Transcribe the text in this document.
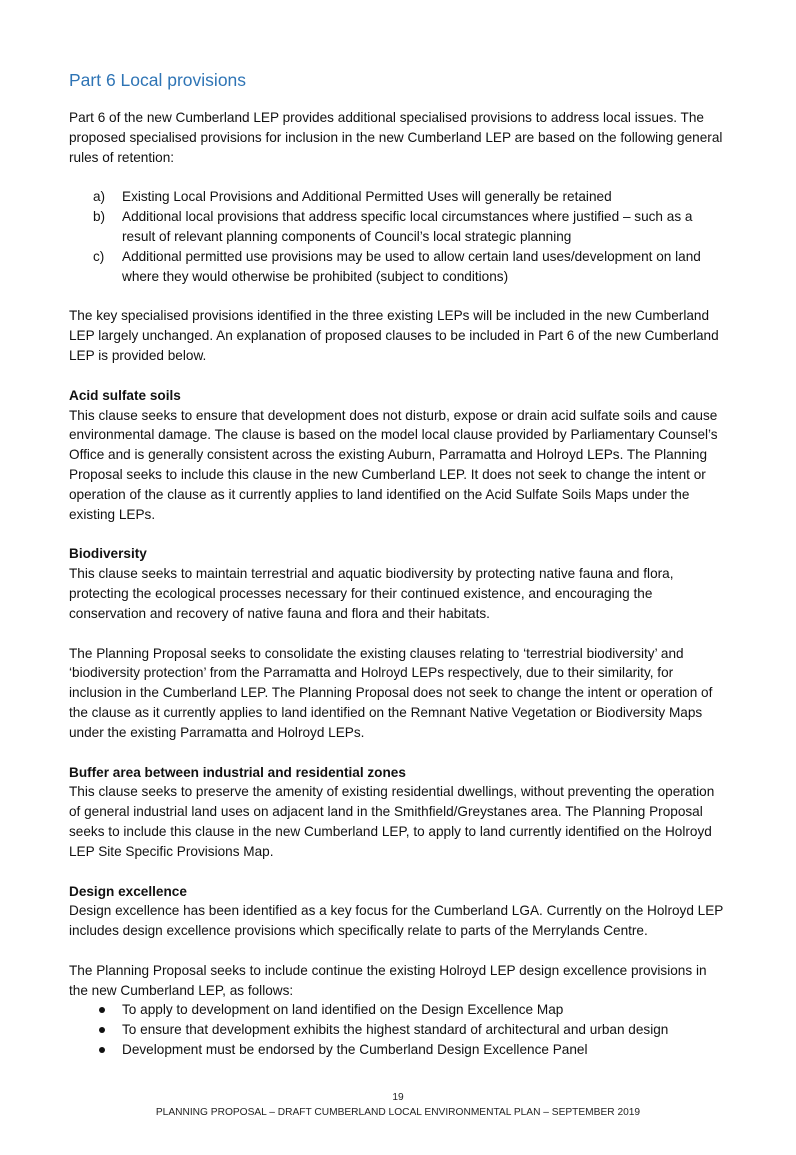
Part 6 Local provisions

Part 6 of the new Cumberland LEP provides additional specialised provisions to address local issues. The proposed specialised provisions for inclusion in the new Cumberland LEP are based on the following general rules of retention:

a) Existing Local Provisions and Additional Permitted Uses will generally be retained
b) Additional local provisions that address specific local circumstances where justified – such as a result of relevant planning components of Council’s local strategic planning
c) Additional permitted use provisions may be used to allow certain land uses/development on land where they would otherwise be prohibited (subject to conditions)

The key specialised provisions identified in the three existing LEPs will be included in the new Cumberland LEP largely unchanged. An explanation of proposed clauses to be included in Part 6 of the new Cumberland LEP is provided below.

Acid sulfate soils

This clause seeks to ensure that development does not disturb, expose or drain acid sulfate soils and cause environmental damage. The clause is based on the model local clause provided by Parliamentary Counsel’s Office and is generally consistent across the existing Auburn, Parramatta and Holroyd LEPs. The Planning Proposal seeks to include this clause in the new Cumberland LEP. It does not seek to change the intent or operation of the clause as it currently applies to land identified on the Acid Sulfate Soils Maps under the existing LEPs.

Biodiversity

This clause seeks to maintain terrestrial and aquatic biodiversity by protecting native fauna and flora, protecting the ecological processes necessary for their continued existence, and encouraging the conservation and recovery of native fauna and flora and their habitats.

The Planning Proposal seeks to consolidate the existing clauses relating to ‘terrestrial biodiversity’ and ‘biodiversity protection’ from the Parramatta and Holroyd LEPs respectively, due to their similarity, for inclusion in the Cumberland LEP. The Planning Proposal does not seek to change the intent or operation of the clause as it currently applies to land identified on the Remnant Native Vegetation or Biodiversity Maps under the existing Parramatta and Holroyd LEPs.

Buffer area between industrial and residential zones

This clause seeks to preserve the amenity of existing residential dwellings, without preventing the operation of general industrial land uses on adjacent land in the Smithfield/Greystanes area. The Planning Proposal seeks to include this clause in the new Cumberland LEP, to apply to land currently identified on the Holroyd LEP Site Specific Provisions Map.

Design excellence

Design excellence has been identified as a key focus for the Cumberland LGA. Currently on the Holroyd LEP includes design excellence provisions which specifically relate to parts of the Merrylands Centre.

The Planning Proposal seeks to include continue the existing Holroyd LEP design excellence provisions in the new Cumberland LEP, as follows:

To apply to development on land identified on the Design Excellence Map
To ensure that development exhibits the highest standard of architectural and urban design
Development must be endorsed by the Cumberland Design Excellence Panel
19
PLANNING PROPOSAL – DRAFT CUMBERLAND LOCAL ENVIRONMENTAL PLAN – SEPTEMBER 2019
